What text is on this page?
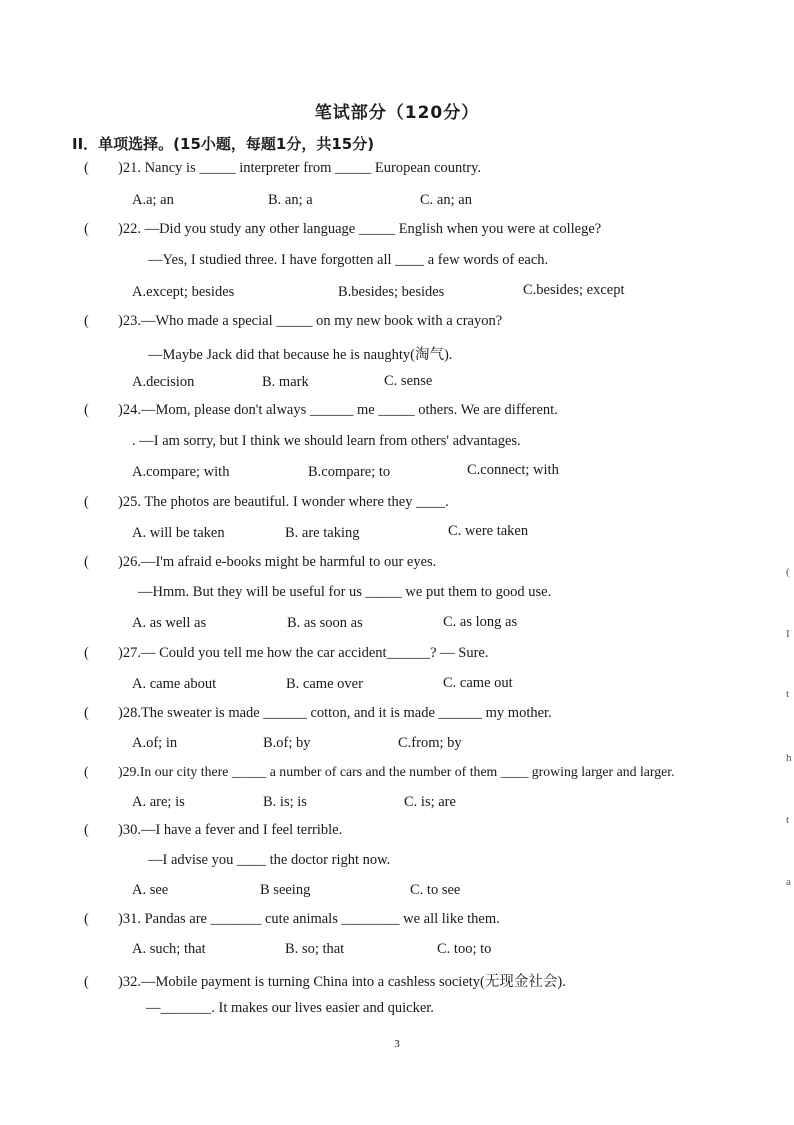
笔试部分（120分）
II．单项选择。(15小题，每题1分，共15分)
( )21. Nancy is _____ interpreter from _____ European country.
A.a; an	B. an; a	C. an; an
( )22. —Did you study any other language _____ English when you were at college?
—Yes, I studied three. I have forgotten all ____ a few words of each.
A.except; besides	B.besides; besides	C.besides; except
( )23.—Who made a special _____ on my new book with a crayon?
—Maybe Jack did that because he is naughty(淘气).
A.decision	B. mark	C. sense
( )24.—Mom, please don't always ______ me _____ others. We are different.
. —I am sorry, but I think we should learn from others' advantages.
A.compare; with	B.compare; to	C.connect; with
( )25. The photos are beautiful. I wonder where they ____.
A. will be taken	B. are taking	C. were taken
( )26.—I'm afraid e-books might be harmful to our eyes.
—Hmm. But they will be useful for us _____ we put them to good use.
A. as well as	B. as soon as	C. as long as
( )27.— Could you tell me how the car accident______? — Sure.
A. came about	B. came over	C. came out
( )28.The sweater is made ______ cotton, and it is made ______ my mother.
A.of; in	B.of; by	C.from; by
( )29.In our city there _____ a number of cars and the number of them ____ growing larger and larger.
A. are; is	B. is; is	C. is; are
( )30.—I have a fever and I feel terrible.
—I advise you ____ the doctor right now.
A. see	B seeing	C. to see
( )31. Pandas are _______ cute animals ________ we all like them.
A. such; that	B. so; that	C. too; to
( )32.—Mobile payment is turning China into a cashless society(无现金社会).
—_______. It makes our lives easier and quicker.
3
(
I
t
h
t
a
